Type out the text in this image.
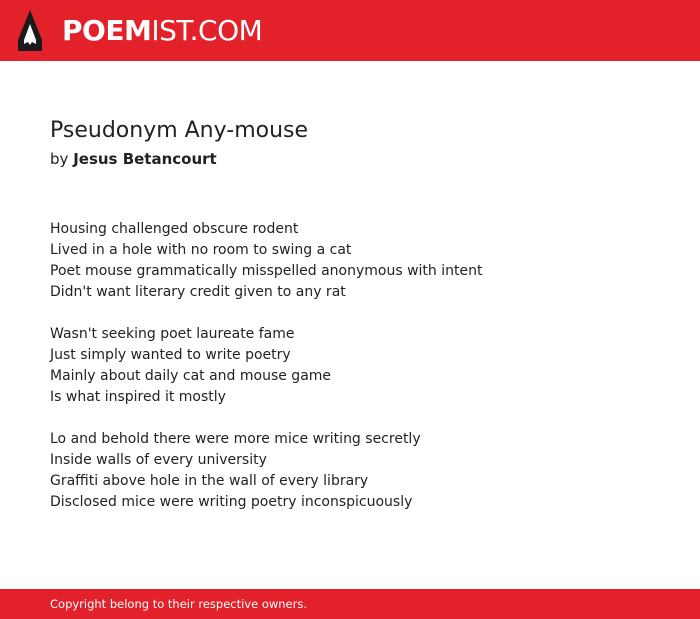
POEMIST.COM
Pseudonym Any-mouse
by Jesus Betancourt
Housing challenged obscure rodent
Lived in a hole with no room to swing a cat
Poet mouse grammatically misspelled anonymous with intent
Didn't want literary credit given to any rat
Wasn't seeking poet laureate fame
Just simply wanted to write poetry
Mainly about daily cat and mouse game
Is what inspired it mostly
Lo and behold there were more mice writing secretly
Inside walls of every university
Graffiti above hole in the wall of every library
Disclosed mice were writing poetry inconspicuously
Copyright belong to their respective owners.
